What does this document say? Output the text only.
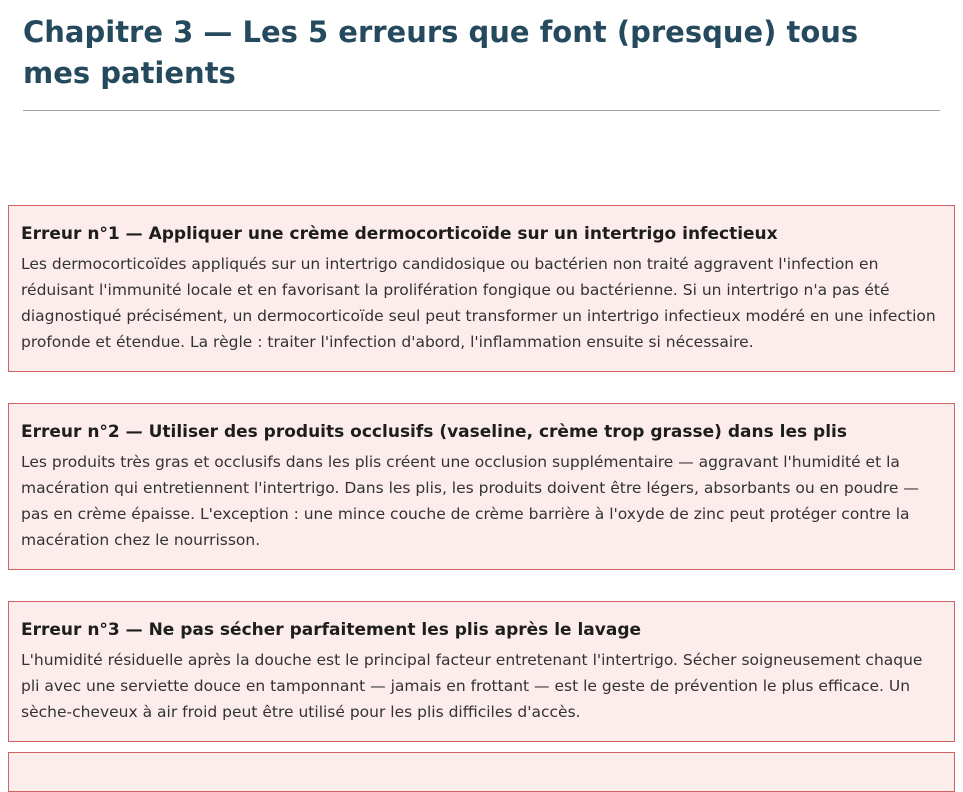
Chapitre 3 — Les 5 erreurs que font (presque) tous mes patients
Erreur n°1 — Appliquer une crème dermocorticoïde sur un intertrigo infectieux

Les dermocorticoïdes appliqués sur un intertrigo candidosique ou bactérien non traité aggravent l'infection en réduisant l'immunité locale et en favorisant la prolifération fongique ou bactérienne. Si un intertrigo n'a pas été diagnostiqué précisément, un dermocorticoïde seul peut transformer un intertrigo infectieux modéré en une infection profonde et étendue. La règle : traiter l'infection d'abord, l'inflammation ensuite si nécessaire.

Erreur n°2 — Utiliser des produits occlusifs (vaseline, crème trop grasse) dans les plis

Les produits très gras et occlusifs dans les plis créent une occlusion supplémentaire — aggravant l'humidité et la macération qui entretiennent l'intertrigo. Dans les plis, les produits doivent être légers, absorbants ou en poudre — pas en crème épaisse. L'exception : une mince couche de crème barrière à l'oxyde de zinc peut protéger contre la macération chez le nourrisson.

Erreur n°3 — Ne pas sécher parfaitement les plis après le lavage

L'humidité résiduelle après la douche est le principal facteur entretenant l'intertrigo. Sécher soigneusement chaque pli avec une serviette douce en tamponnant — jamais en frottant — est le geste de prévention le plus efficace. Un sèche-cheveux à air froid peut être utilisé pour les plis difficiles d'accès.
